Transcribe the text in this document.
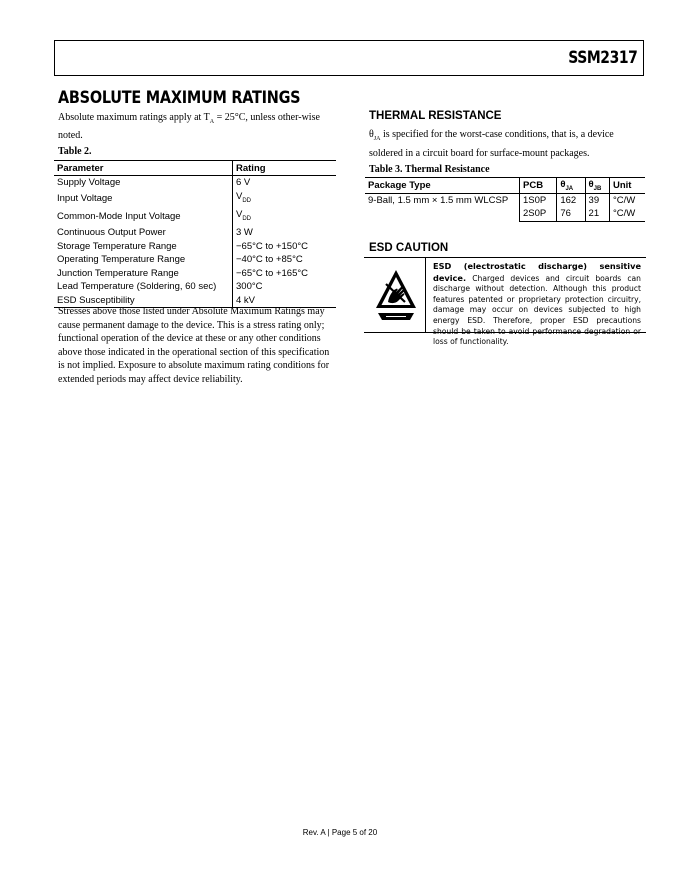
SSM2317
ABSOLUTE MAXIMUM RATINGS
Absolute maximum ratings apply at $T_A = 25^\circ C$, unless other-wise noted.
Table 2.
Parameter	Rating
Supply Voltage	6 V
Input Voltage	$V_{DD}$
Common-Mode Input Voltage	$V_{DD}$
Continuous Output Power	3 W
Storage Temperature Range	−65°C to +150°C
Operating Temperature Range	−40°C to +85°C
Junction Temperature Range	−65°C to +165°C
Lead Temperature (Soldering, 60 sec)	300°C
ESD Susceptibility	4 kV
Stresses above those listed under Absolute Maximum Ratings may cause permanent damage to the device. This is a stress rating only; functional operation of the device at these or any other conditions above those indicated in the operational section of this specification is not implied. Exposure to absolute maximum rating conditions for extended periods may affect device reliability.
THERMAL RESISTANCE
$\theta_{JA}$ is specified for the worst-case conditions, that is, a device soldered in a circuit board for surface-mount packages.
Table 3. Thermal Resistance
Package Type	PCB	$\theta_{JA}$	$\theta_{JB}$	Unit
9-Ball, 1.5 mm × 1.5 mm WLCSP	1S0P	162	39	°C/W
	2S0P	76	21	°C/W
ESD CAUTION
ESD (electrostatic discharge) sensitive device. Charged devices and circuit boards can discharge without detection. Although this product features patented or proprietary protection circuitry, damage may occur on devices subjected to high energy ESD. Therefore, proper ESD precautions should be taken to avoid performance degradation or loss of functionality.
Rev. A | Page 5 of 20
